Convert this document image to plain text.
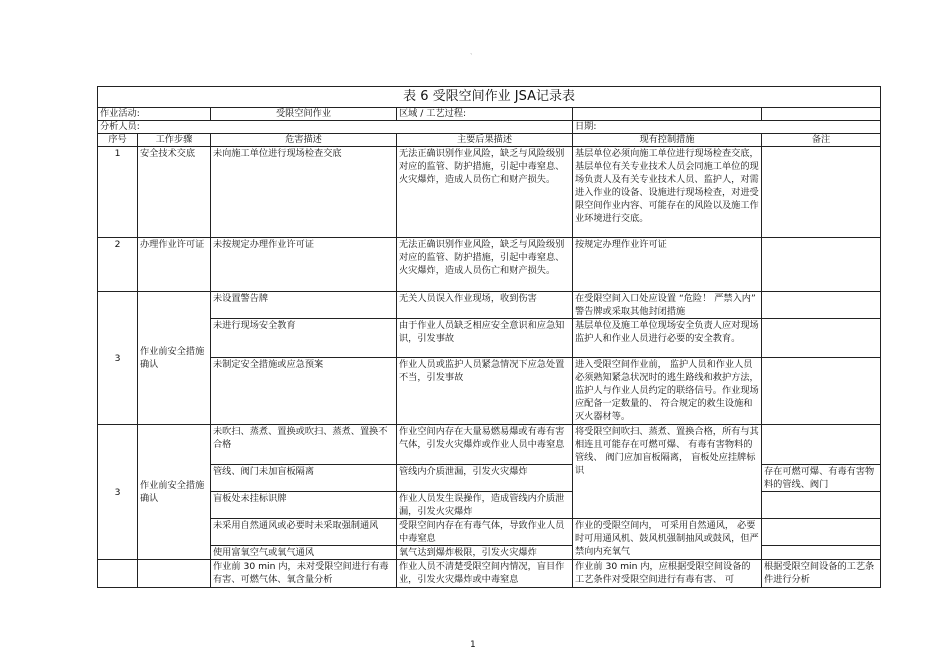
、
表 6 受限空间作业 JSA记录表					
作业活动:		受限空间作业	区域 / 工艺过程:		
分析人员:				日期:	
序号	工作步骤	危害描述	主要后果描述	现有控制措施	备注
1	安全技术交底	未向施工单位进行现场检查交底	无法正确识别作业风险，缺乏与风险级别对应的监管、防护措施，引起中毒窒息、火灾爆炸，造成人员伤亡和财产损失。	基层单位必须向施工单位进行现场检查交底，基层单位有关专业技术人员会同施工单位的现场负责人及有关专业技术人员、监护人，对需进入作业的设备、设施进行现场检查，对进受限空间作业内容、可能存在的风险以及施工作业环境进行交底。	
2	办理作业许可证	未按规定办理作业许可证	无法正确识别作业风险，缺乏与风险级别对应的监管、防护措施，引起中毒窒息、火灾爆炸，造成人员伤亡和财产损失。	按规定办理作业许可证	
3	作业前安全措施确认	未设置警告牌	无关人员误入作业现场，收到伤害	在受限空间入口处应设置 “危险！ 严禁入内” 警告牌或采取其他封闭措施	
		未进行现场安全教育	由于作业人员缺乏相应安全意识和应急知识，引发事故	基层单位及施工单位现场安全负责人应对现场监护人和作业人员进行必要的安全教育。	
		未制定安全措施或应急预案	作业人员或监护人员紧急情况下应急处置不当，引发事故	进入受限空间作业前， 监护人员和作业人员必须熟知紧急状况时的逃生路线和救护方法， 监护人与作业人员约定的联络信号。作业现场应配备一定数量的、 符合规定的救生设施和灭火器材等。	
3	作业前安全措施确认	未吹扫、蒸煮、置换或吹扫、蒸煮、置换不合格	作业空间内存在大量易燃易爆或有毒有害气体，引发火灾爆炸或作业人员中毒窒息	将受限空间吹扫、蒸煮、置换合格，所有与其相连且可能存在可燃可爆、 有毒有害物料的管线、 阀门应加盲板隔离， 盲板处应挂牌标识	
		管线、阀门未加盲板隔离	管线内介质泄漏，引发火灾爆炸		存在可燃可爆、有毒有害物料的管线、阀门
		盲板处未挂标识牌	作业人员发生误操作，造成管线内介质泄漏，引发火灾爆炸		
		未采用自然通风或必要时未采取强制通风	受限空间内存在有毒气体，导致作业人员中毒窒息	作业的受限空间内， 可采用自然通风， 必要时可用通风机、鼓风机强制抽风或鼓风，但严禁向内充氧气	
		使用富氧空气或氧气通风	氧气达到爆炸极限，引发火灾爆炸		
		作业前 30 min 内，未对受限空间进行有毒有害、可燃气体、氧含量分析	作业人员不清楚受限空间内情况，盲目作业，引发火灾爆炸或中毒窒息	作业前 30 min 内，应根据受限空间设备的工艺条件对受限空间进行有毒有害、 可	根据受限空间设备的工艺条件进行分析
1
